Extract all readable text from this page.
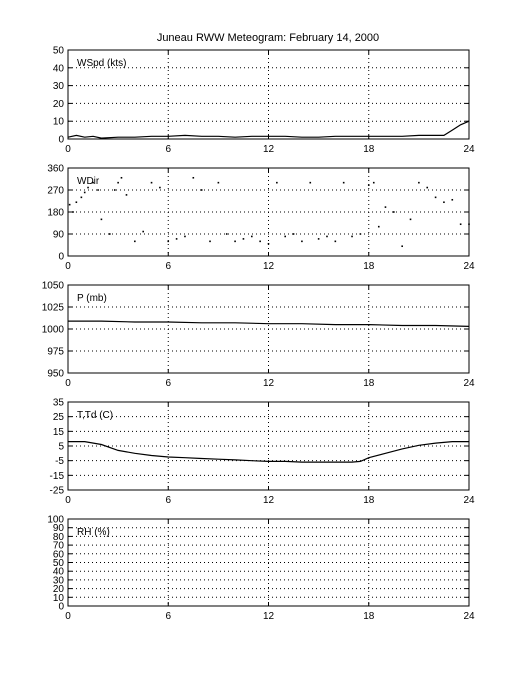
Juneau RWW Meteogram: February 14, 2000
0	6	12	18	24
0
10
20
30
40
50
WSpd (kts)
0	6	12	18	24
0
90
180
270
360
WDir
0	6	12	18	24
950
975
1000
1025
1050
P (mb)
0	6	12	18	24
-25
-15
-5
5
15
25
35
T,Td (C)
0	6	12	18	24
0
10
20
30
40
50
60
70
80
90
100
RH (%)
